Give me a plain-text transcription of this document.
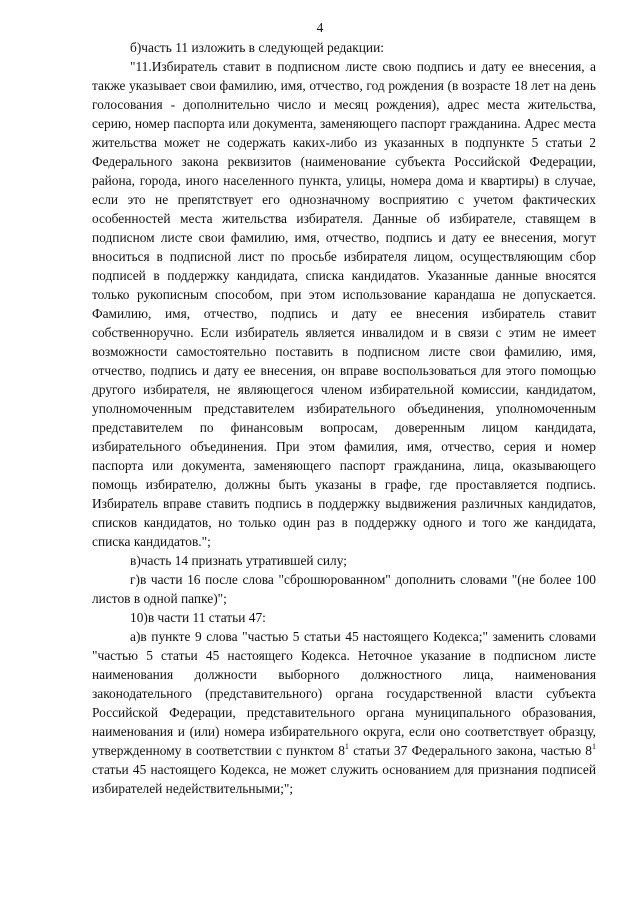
4

б)часть 11 изложить в следующей редакции:

"11.Избиратель ставит в подписном листе свою подпись и дату ее внесения, а также указывает свои фамилию, имя, отчество, год рождения (в возрасте 18 лет на день голосования - дополнительно число и месяц рождения), адрес места жительства, серию, номер паспорта или документа, заменяющего паспорт гражданина. Адрес места жительства может не содержать каких-либо из указанных в подпункте 5 статьи 2 Федерального закона реквизитов (наименование субъекта Российской Федерации, района, города, иного населенного пункта, улицы, номера дома и квартиры) в случае, если это не препятствует его однозначному восприятию с учетом фактических особенностей места жительства избирателя. Данные об избирателе, ставящем в подписном листе свои фамилию, имя, отчество, подпись и дату ее внесения, могут вноситься в подписной лист по просьбе избирателя лицом, осуществляющим сбор подписей в поддержку кандидата, списка кандидатов. Указанные данные вносятся только рукописным способом, при этом использование карандаша не допускается. Фамилию, имя, отчество, подпись и дату ее внесения избиратель ставит собственноручно. Если избиратель является инвалидом и в связи с этим не имеет возможности самостоятельно поставить в подписном листе свои фамилию, имя, отчество, подпись и дату ее внесения, он вправе воспользоваться для этого помощью другого избирателя, не являющегося членом избирательной комиссии, кандидатом, уполномоченным представителем избирательного объединения, уполномоченным представителем по финансовым вопросам, доверенным лицом кандидата, избирательного объединения. При этом фамилия, имя, отчество, серия и номер паспорта или документа, заменяющего паспорт гражданина, лица, оказывающего помощь избирателю, должны быть указаны в графе, где проставляется подпись. Избиратель вправе ставить подпись в поддержку выдвижения различных кандидатов, списков кандидатов, но только один раз в поддержку одного и того же кандидата, списка кандидатов.";

в)часть 14 признать утратившей силу;

г)в части 16 после слова "сброшюрованном" дополнить словами "(не более 100 листов в одной папке)";

10)в части 11 статьи 47:

а)в пункте 9 слова "частью 5 статьи 45 настоящего Кодекса;" заменить словами "частью 5 статьи 45 настоящего Кодекса. Неточное указание в подписном листе наименования должности выборного должностного лица, наименования законодательного (представительного) органа государственной власти субъекта Российской Федерации, представительного органа муниципального образования, наименования и (или) номера избирательного округа, если оно соответствует образцу, утвержденному в соответствии с пунктом $8^1$ статьи 37 Федерального закона, частью $8^1$ статьи 45 настоящего Кодекса, не может служить основанием для признания подписей избирателей недействительными;";
